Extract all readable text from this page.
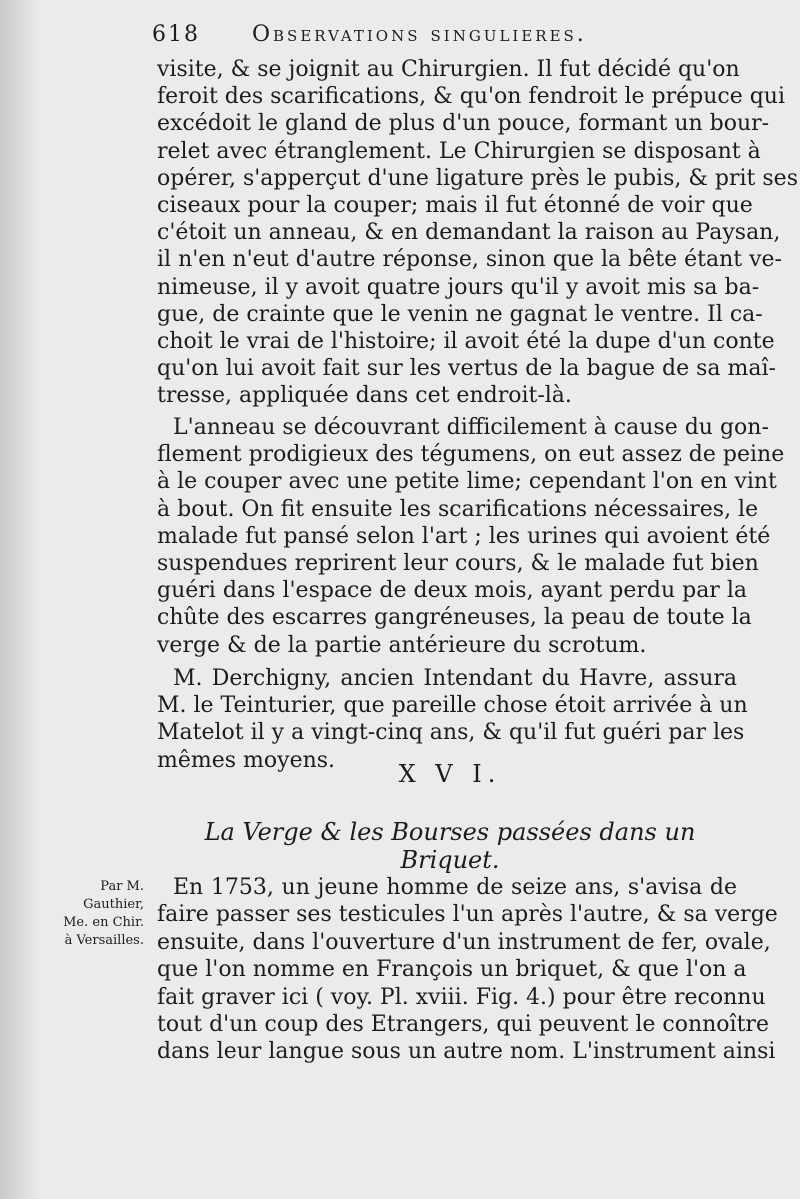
618 Observations singulieres.
visite, & se joignit au Chirurgien. Il fut décidé qu'on
feroit des scarifications, & qu'on fendroit le prépuce qui
excédoit le gland de plus d'un pouce, formant un bour-
relet avec étranglement. Le Chirurgien se disposant à
opérer, s'apperçut d'une ligature près le pubis, & prit ses
ciseaux pour la couper; mais il fut étonné de voir que
c'étoit un anneau, & en demandant la raison au Paysan,
il n'en n'eut d'autre réponse, sinon que la bête étant ve-
nimeuse, il y avoit quatre jours qu'il y avoit mis sa ba-
gue, de crainte que le venin ne gagnat le ventre. Il ca-
choit le vrai de l'histoire; il avoit été la dupe d'un conte
qu'on lui avoit fait sur les vertus de la bague de sa maî-
tresse, appliquée dans cet endroit-là.
L'anneau se découvrant difficilement à cause du gon-
flement prodigieux des tégumens, on eut assez de peine
à le couper avec une petite lime; cependant l'on en vint
à bout. On fit ensuite les scarifications nécessaires, le
malade fut pansé selon l'art ; les urines qui avoient été
suspendues reprirent leur cours, & le malade fut bien
guéri dans l'espace de deux mois, ayant perdu par la
chûte des escarres gangréneuses, la peau de toute la
verge & de la partie antérieure du scrotum.
M. Derchigny, ancien Intendant du Havre, assura
M. le Teinturier, que pareille chose étoit arrivée à un
Matelot il y a vingt-cinq ans, & qu'il fut guéri par les
mêmes moyens.	X V I.
La Verge & les Bourses passées dans un Briquet.
Par M.
Gauthier,
Me. en Chir.
à Versailles.
En 1753, un jeune homme de seize ans, s'avisa de
faire passer ses testicules l'un après l'autre, & sa verge
ensuite, dans l'ouverture d'un instrument de fer, ovale,
que l'on nomme en François un briquet, & que l'on a
fait graver ici ( voy. Pl. xviii. Fig. 4.) pour être reconnu
tout d'un coup des Etrangers, qui peuvent le connoître
dans leur langue sous un autre nom. L'instrument ainsi
